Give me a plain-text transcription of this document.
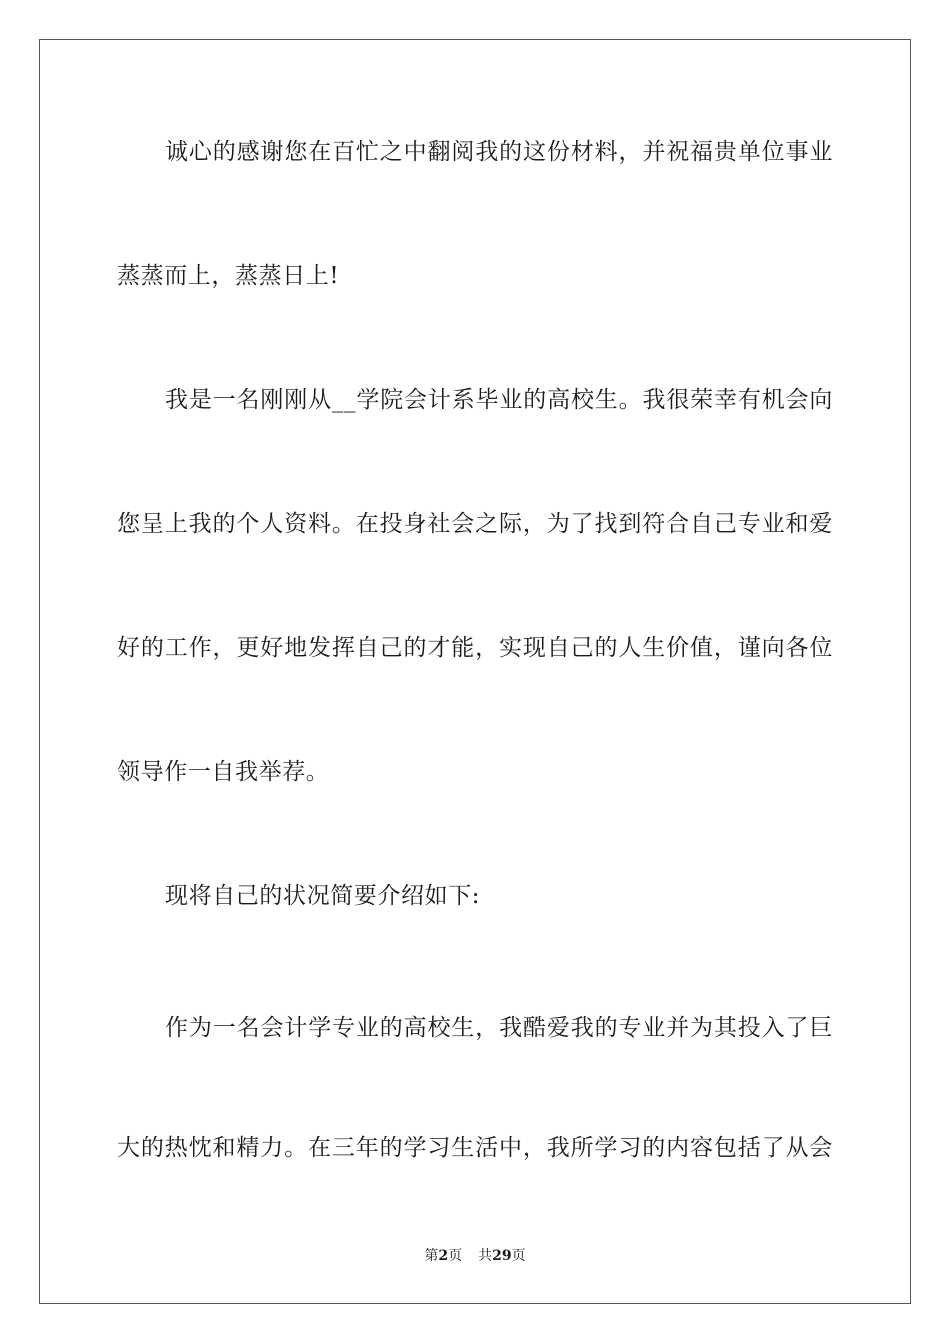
诚心的感谢您在百忙之中翻阅我的这份材料，并祝福贵单位事业
蒸蒸而上，蒸蒸日上!
我是一名刚刚从__学院会计系毕业的高校生。我很荣幸有机会向
您呈上我的个人资料。在投身社会之际，为了找到符合自己专业和爱
好的工作，更好地发挥自己的才能，实现自己的人生价值，谨向各位
领导作一自我举荐。
现将自己的状况简要介绍如下:
作为一名会计学专业的高校生，我酷爱我的专业并为其投入了巨
大的热忱和精力。在三年的学习生活中，我所学习的内容包括了从会
第2页 共29页
